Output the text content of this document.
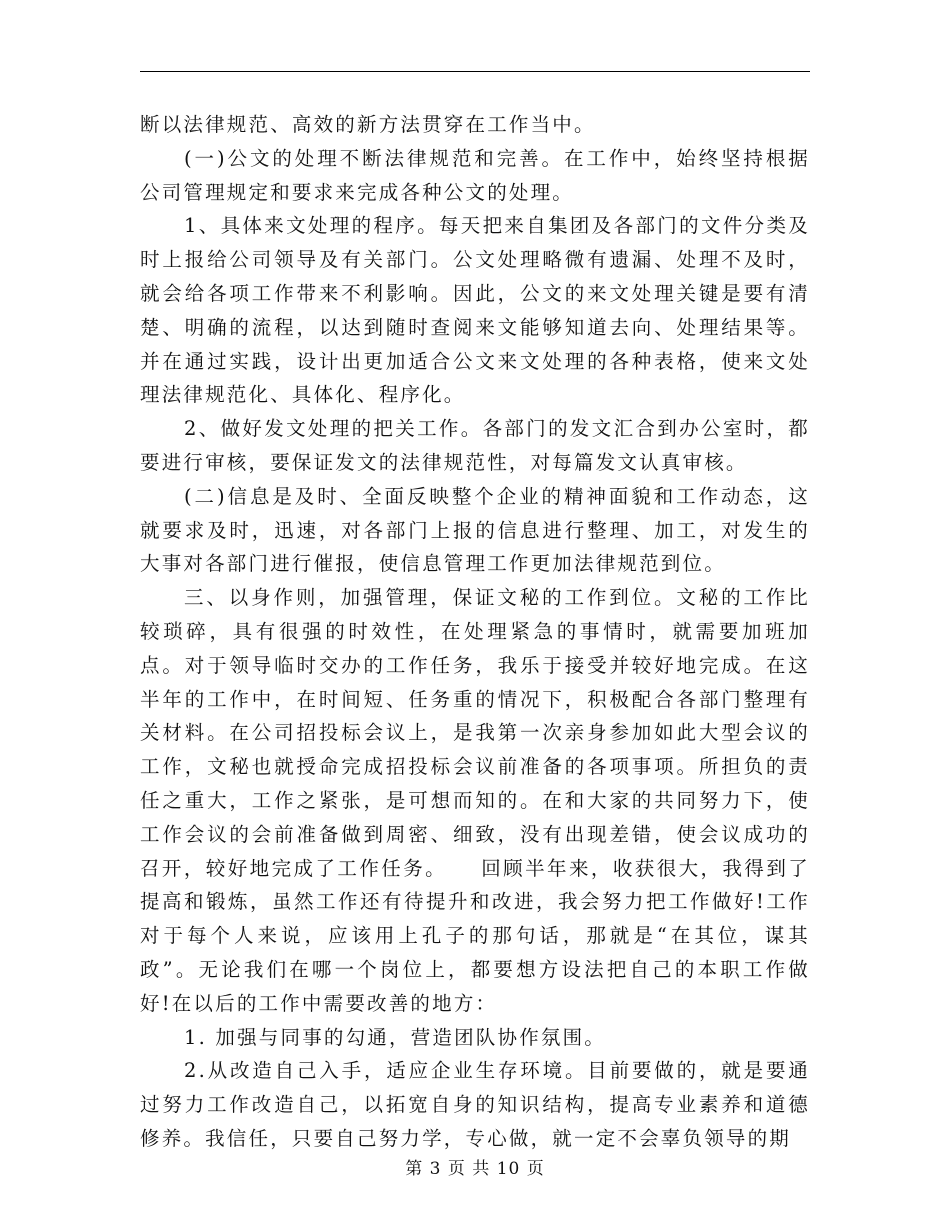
断以法律规范、高效的新方法贯穿在工作当中。

(一)公文的处理不断法律规范和完善。在工作中，始终坚持根据公司管理规定和要求来完成各种公文的处理。

1、具体来文处理的程序。每天把来自集团及各部门的文件分类及时上报给公司领导及有关部门。公文处理略微有遗漏、处理不及时，就会给各项工作带来不利影响。因此，公文的来文处理关键是要有清楚、明确的流程，以达到随时查阅来文能够知道去向、处理结果等。并在通过实践，设计出更加适合公文来文处理的各种表格，使来文处理法律规范化、具体化、程序化。

2、做好发文处理的把关工作。各部门的发文汇合到办公室时，都要进行审核，要保证发文的法律规范性，对每篇发文认真审核。

(二)信息是及时、全面反映整个企业的精神面貌和工作动态，这就要求及时，迅速，对各部门上报的信息进行整理、加工，对发生的大事对各部门进行催报，使信息管理工作更加法律规范到位。

三、以身作则，加强管理，保证文秘的工作到位。文秘的工作比较琐碎，具有很强的时效性，在处理紧急的事情时，就需要加班加点。对于领导临时交办的工作任务，我乐于接受并较好地完成。在这半年的工作中，在时间短、任务重的情况下，积极配合各部门整理有关材料。在公司招投标会议上，是我第一次亲身参加如此大型会议的工作，文秘也就授命完成招投标会议前准备的各项事项。所担负的责任之重大，工作之紧张，是可想而知的。在和大家的共同努力下，使工作会议的会前准备做到周密、细致，没有出现差错，使会议成功的召开，较好地完成了工作任务。　　回顾半年来，收获很大，我得到了提高和锻炼，虽然工作还有待提升和改进，我会努力把工作做好!工作对于每个人来说，应该用上孔子的那句话，那就是“在其位，谋其政”。无论我们在哪一个岗位上，都要想方设法把自己的本职工作做好!在以后的工作中需要改善的地方：

1. 加强与同事的勾通，营造团队协作氛围。

2.从改造自己入手，适应企业生存环境。目前要做的，就是要通过努力工作改造自己，以拓宽自身的知识结构，提高专业素养和道德修养。我信任，只要自己努力学，专心做，就一定不会辜负领导的期

第 3 页 共 10 页
